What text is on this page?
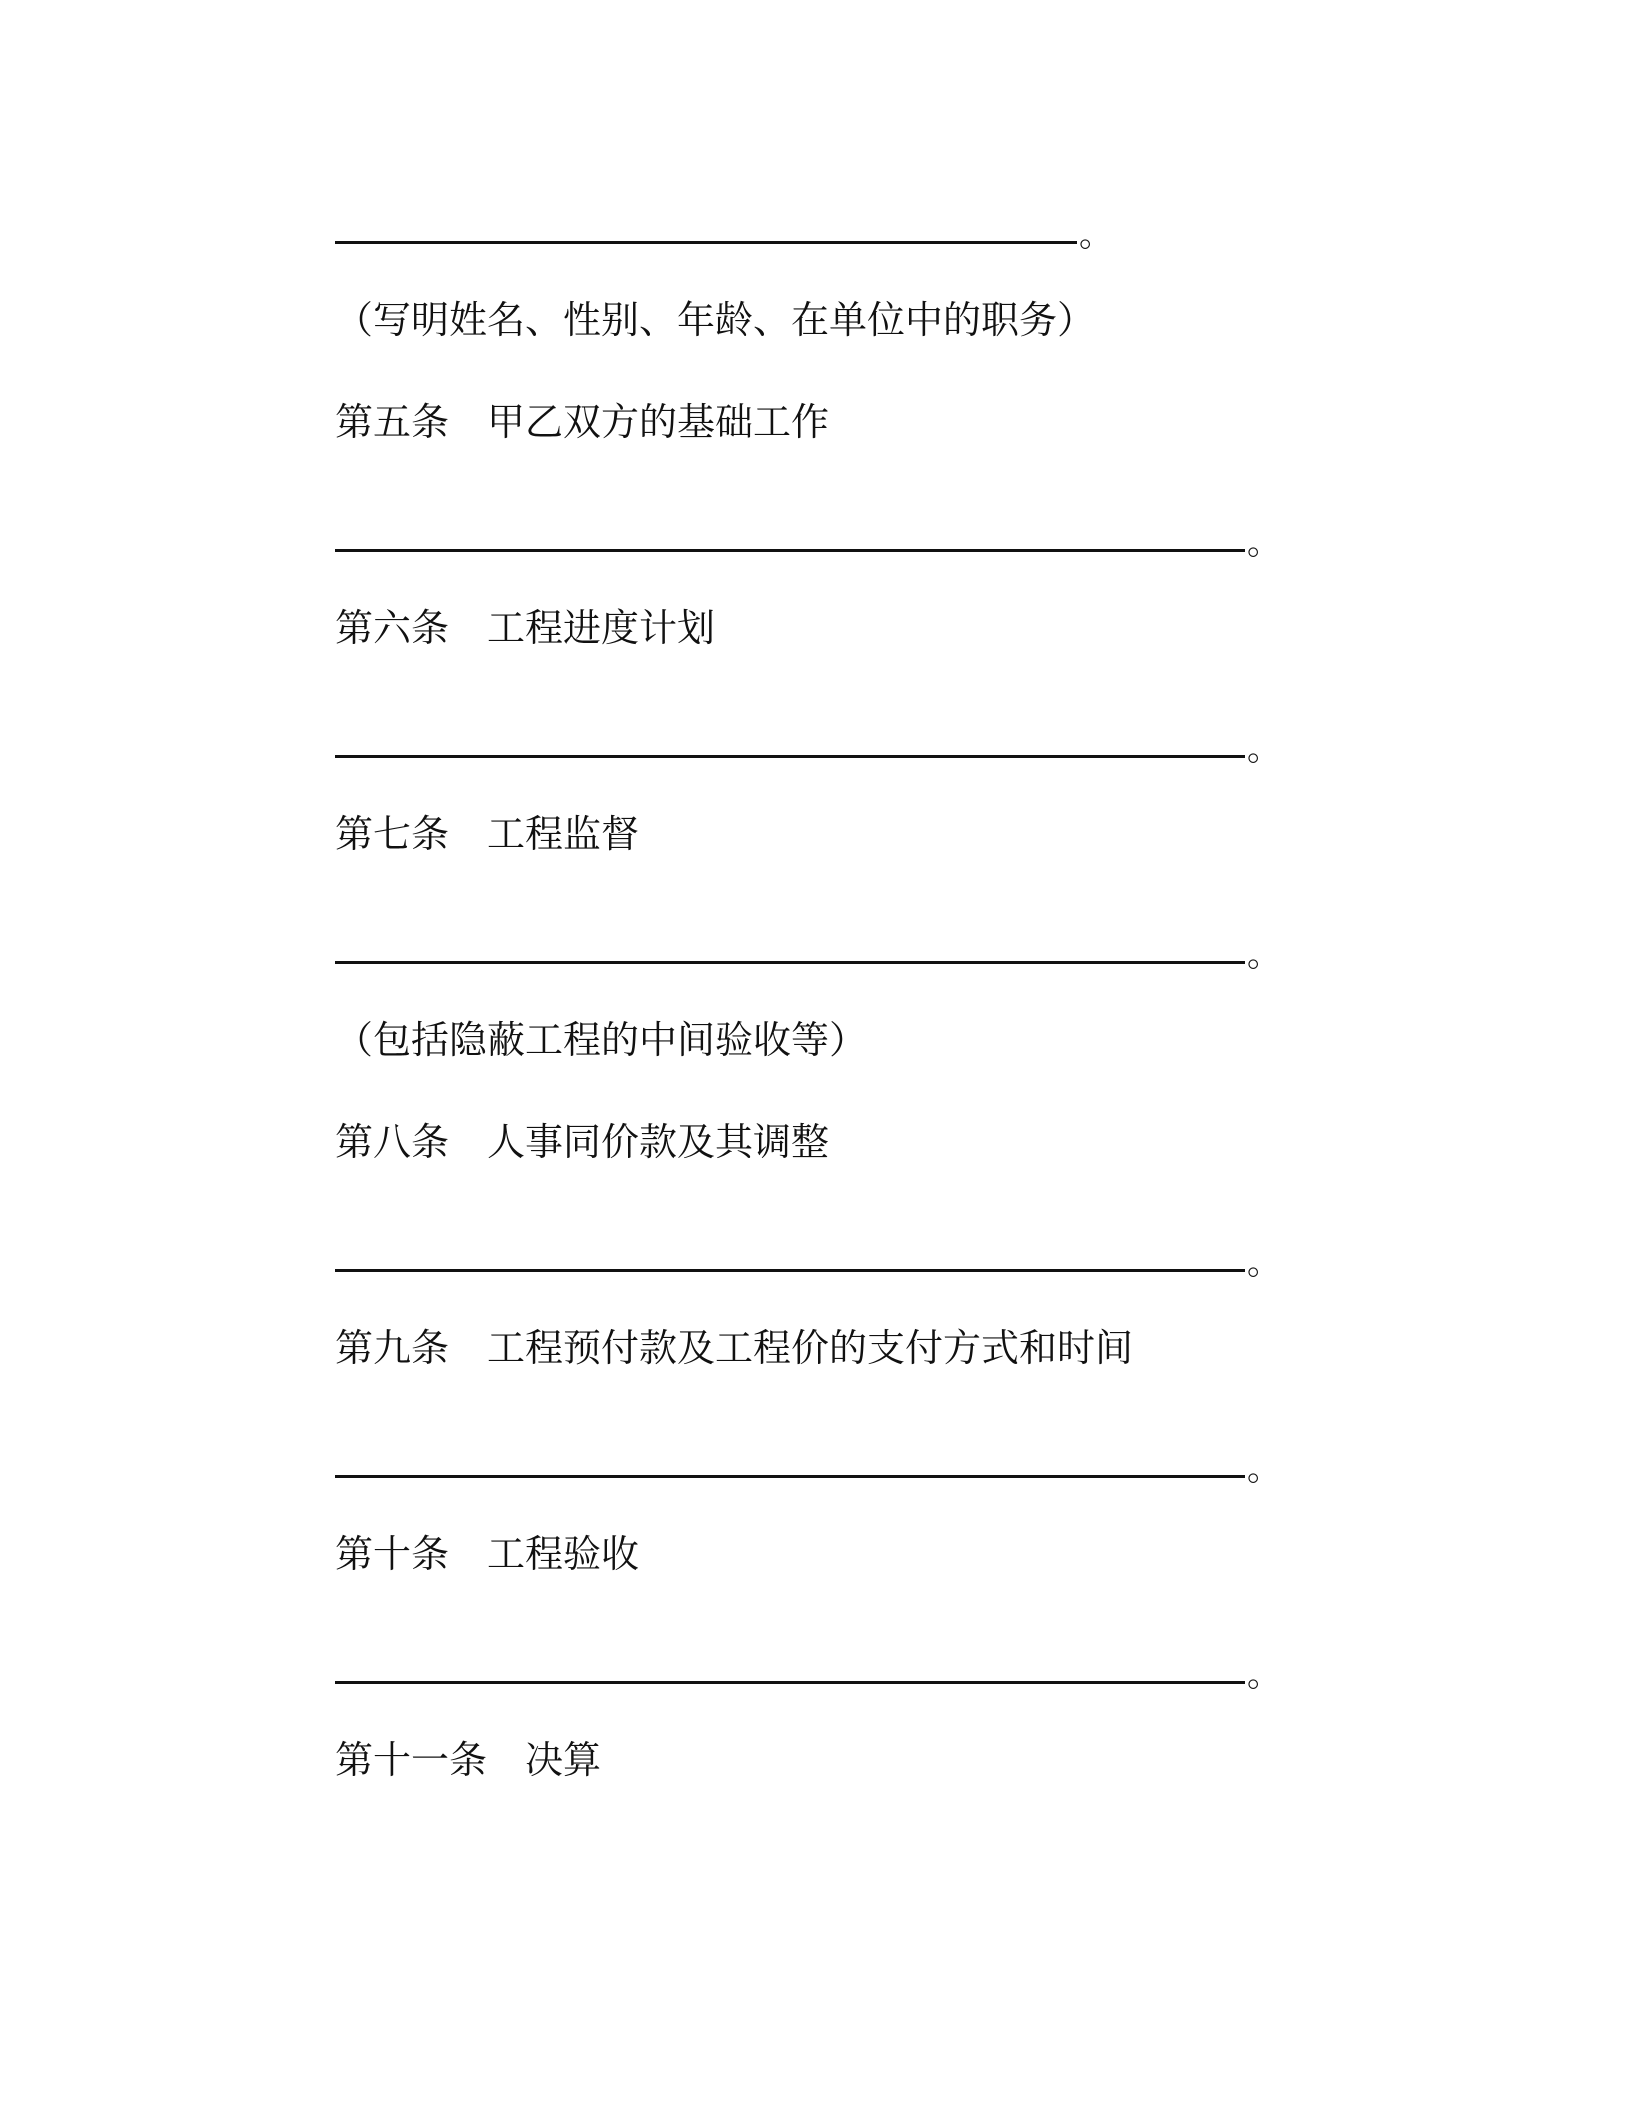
。
（写明姓名、性别、年龄、在单位中的职务）
第五条 甲乙双方的基础工作
。
第六条 工程进度计划
。
第七条 工程监督
。
（包括隐蔽工程的中间验收等）
第八条 人事同价款及其调整
。
第九条 工程预付款及工程价的支付方式和时间
。
第十条 工程验收
。
第十一条 决算
